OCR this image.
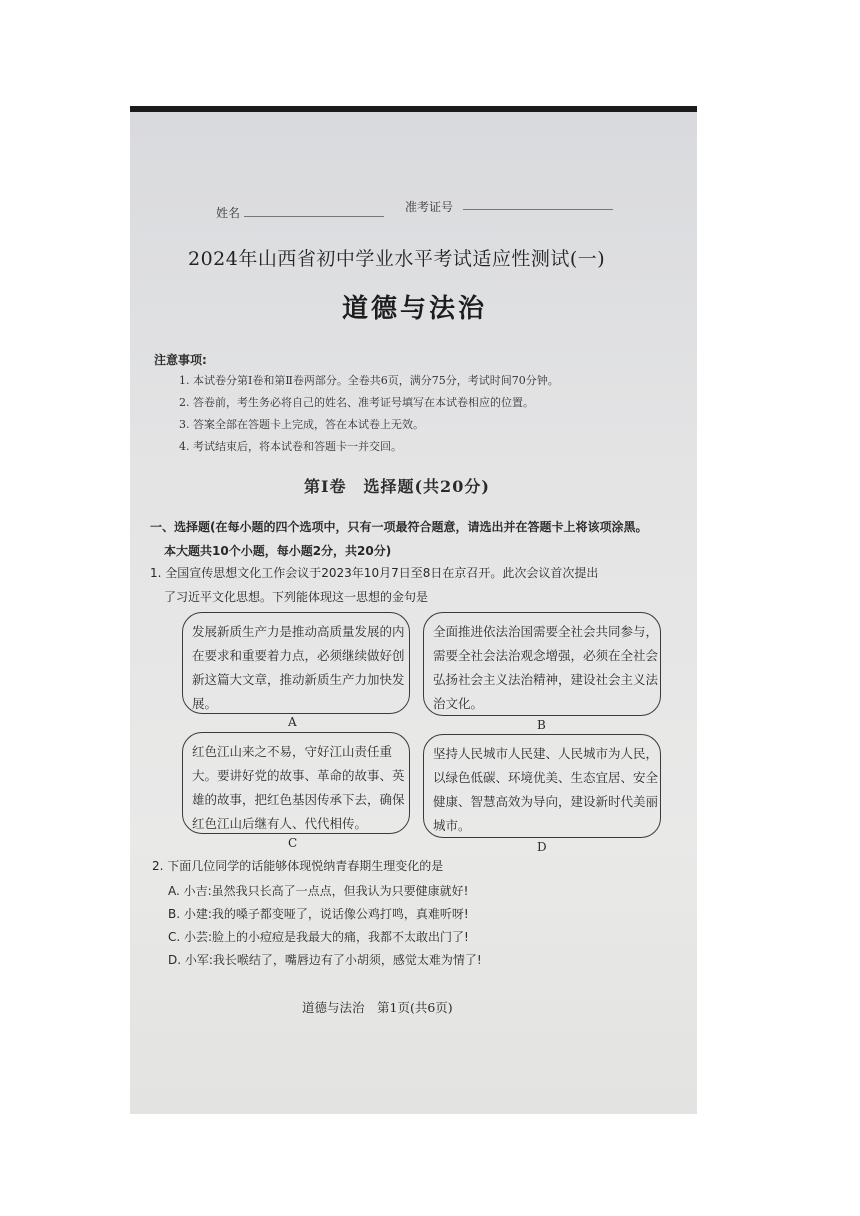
姓名	准考证号
2024年山西省初中学业水平考试适应性测试(一)
道德与法治
注意事项:
1. 本试卷分第Ⅰ卷和第Ⅱ卷两部分。全卷共6页，满分75分，考试时间70分钟。
2. 答卷前，考生务必将自己的姓名、准考证号填写在本试卷相应的位置。
3. 答案全部在答题卡上完成，答在本试卷上无效。
4. 考试结束后，将本试卷和答题卡一并交回。
第Ⅰ卷　选择题(共20分)
一、选择题(在每小题的四个选项中，只有一项最符合题意，请选出并在答题卡上将该项涂黑。
本大题共10个小题，每小题2分，共20分)
1. 全国宣传思想文化工作会议于2023年10月7日至8日在京召开。此次会议首次提出
了习近平文化思想。下列能体现这一思想的金句是
发展新质生产力是推动高质量发展的内在要求和重要着力点，必须继续做好创新这篇大文章，推动新质生产力加快发展。
A
全面推进依法治国需要全社会共同参与，需要全社会法治观念增强，必须在全社会弘扬社会主义法治精神，建设社会主义法治文化。
B
红色江山来之不易，守好江山责任重大。要讲好党的故事、革命的故事、英雄的故事，把红色基因传承下去，确保红色江山后继有人、代代相传。
C
坚持人民城市人民建、人民城市为人民，以绿色低碳、环境优美、生态宜居、安全健康、智慧高效为导向，建设新时代美丽城市。
D
2. 下面几位同学的话能够体现悦纳青春期生理变化的是
A. 小吉:虽然我只长高了一点点，但我认为只要健康就好!
B. 小建:我的嗓子都变哑了，说话像公鸡打鸣，真难听呀!
C. 小芸:脸上的小痘痘是我最大的痛，我都不太敢出门了!
D. 小军:我长喉结了，嘴唇边有了小胡须，感觉太难为情了!
道德与法治　第1页(共6页)
